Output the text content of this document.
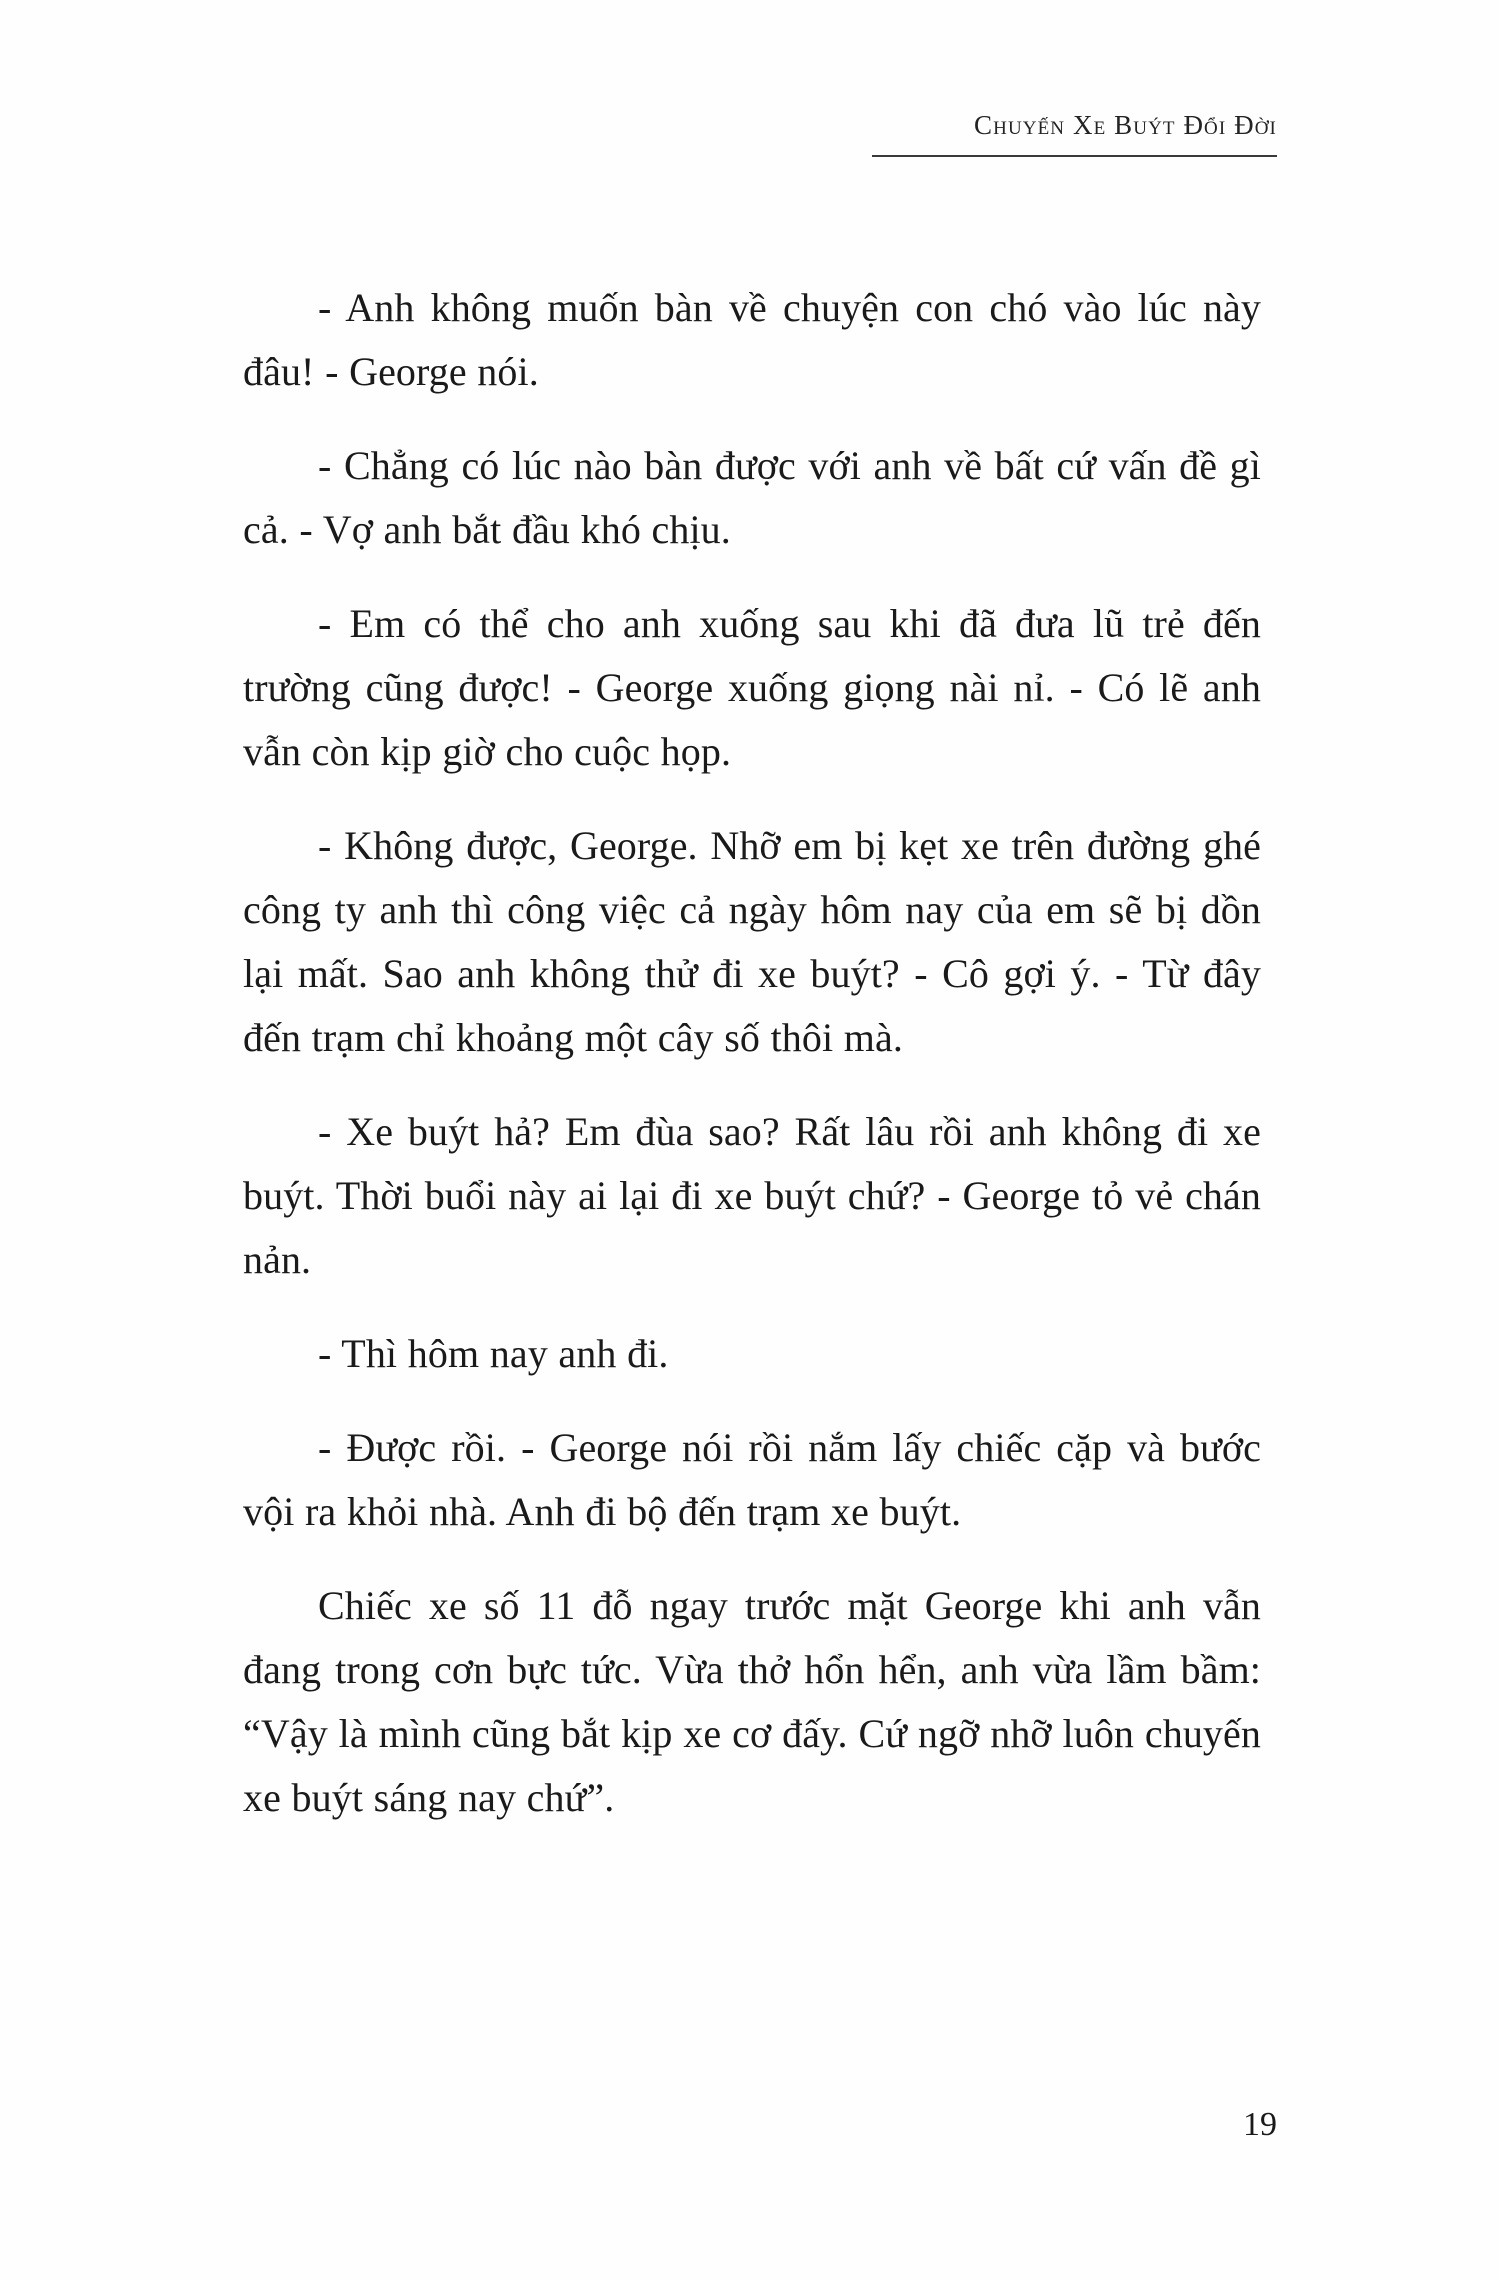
Chuyến Xe Buýt Đổi Đời

- Anh không muốn bàn về chuyện con chó vào lúc này đâu! - George nói.

- Chẳng có lúc nào bàn được với anh về bất cứ vấn đề gì cả. - Vợ anh bắt đầu khó chịu.

- Em có thể cho anh xuống sau khi đã đưa lũ trẻ đến trường cũng được! - George xuống giọng nài nỉ. - Có lẽ anh vẫn còn kịp giờ cho cuộc họp.

- Không được, George. Nhỡ em bị kẹt xe trên đường ghé công ty anh thì công việc cả ngày hôm nay của em sẽ bị dồn lại mất. Sao anh không thử đi xe buýt? - Cô gợi ý. - Từ đây đến trạm chỉ khoảng một cây số thôi mà.

- Xe buýt hả? Em đùa sao? Rất lâu rồi anh không đi xe buýt. Thời buổi này ai lại đi xe buýt chứ? - George tỏ vẻ chán nản.

- Thì hôm nay anh đi.

- Được rồi. - George nói rồi nắm lấy chiếc cặp và bước vội ra khỏi nhà. Anh đi bộ đến trạm xe buýt.

Chiếc xe số 11 đỗ ngay trước mặt George khi anh vẫn đang trong cơn bực tức. Vừa thở hổn hển, anh vừa lầm bầm: “Vậy là mình cũng bắt kịp xe cơ đấy. Cứ ngỡ nhỡ luôn chuyến xe buýt sáng nay chứ”.

19
